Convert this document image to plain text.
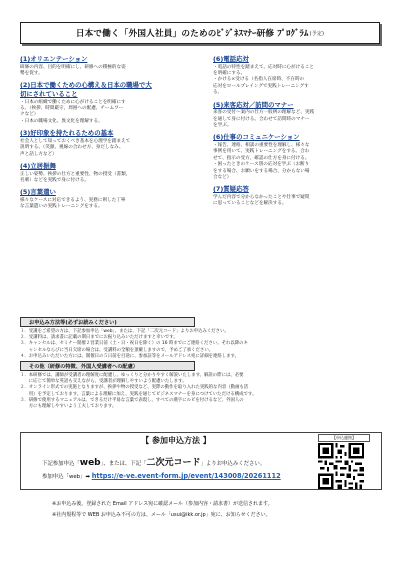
日本で働く「外国人社員」のためのﾋﾞｼﾞﾈｽﾏﾅｰ研修 ﾌﾟﾛｸﾞﾗﾑ (予定)
(1)オリエンテーション
研修の内容、目的を明確にし、研修への積極的な姿
勢を促す。
(2)日本で働くための心構え＆日本の職場で大
切にされていること
・日本の組織で働くために心がけることを明確にす
る。（挨拶、時間厳守、周囲への配慮、チームワー
クなど）
・日本の職場文化、異文化を理解する。
(3)好印象を持たれるための基本
社会人として知っておくべき基本を心理学を踏まえて
説明する。（笑顔、視線の合わせ方、身だしなみ、
声と話し方など）
(4)立居振舞
正しい姿勢、挨拶の仕方と重要性、物の授受（書類、
名刺）などを実践で身に付ける。
(5)言葉遣い
様々なケースに対応できるよう、実務に則した丁寧
な言葉遣いの実践トレーニングをする。
(6)電話応対
・電話の特性を踏まえて、応対時に心がけること
を明確にする。
・かける×受ける（名指人在席時、不在時の
応対をロールプレイングで実践トレーニングす
る。
(5)来客応対／訪問のマナー
来客の受付～案内の仕方一般例の理解など、実践
を通して身に付ける。合わせて訪問時のマナー
を学ぶ。
(6)仕事のコミュニケーション
・報告、連絡、相談の重要性を理解し、様々な
事例を用いて、実践トレーニングをする。合わ
せて、指示の受方、確認の仕方を身に付ける。
・困ったときのケース別の応対を学ぶ（お断り
をする場合、お願いをする場合、分からない場
合など）
(7)質疑応答
学んだ内容で分からなかったことや仕事で疑問
に思っていることなどを解決する。
お申込み方法等(必ずお読みください)
１．受講をご希望の方は、下記参加申込「web」、または、下記「二次元コード」よりお申込みください。
２．受講料は、請求書に記載の期日までにお振り込みいただけますと幸いです。
３．キャンセルは、セミナー開催２営業日前（土・日・祝日を除く）の 16 時までにご連絡ください。それ以降のキ
　　ャンセルならびに当日欠席の場合は、受講料の全額を頂戴しますので、予めご了承ください。
４．お申込みいただいた方には、開催日の５日前を目途に、参加証等をメールアドレス宛に詳細を連絡します。
その他（研修の特徴、外国人受講者への配慮）
１．本研修では、講師が受講者の理解度に配慮し、ゆっくりと分かりやすく解説いたします。解説の際には、必要
　　に応じて簡単な英語も交えながら、受講者が理解しやすいよう配慮いたします。
２．オンライン形式での実施となりますが、挨拶や物の授受など、実際の動作を取り入れた実践的な内容（動画も活
　　用）を予定しております。言葉による理解に加え、実践を通じてビジネスマナーを身につけていただける構成です。
３．研修で使用するマニュアルは、できるだけ平易な言葉で表現し、すべての漢字にルビを付けるなど、外国人の
　　方にも理解しやすいよう工夫しております。
【 参加申込方法 】
下記参加申込「web」、または、下記「二次元コード」よりお申込みください。
参加申込「web」➡ https://e-ve.event-form.jp/event/143008/20261112
【申込連絡】
※お申込み後、登録された Email アドレス宛に確認メール（参加内容・請求書）が送信されます。
※社内規程等で WEB お申込み不可の方は、メール「usui@ikk.or.jp」宛に、お知らせください。
